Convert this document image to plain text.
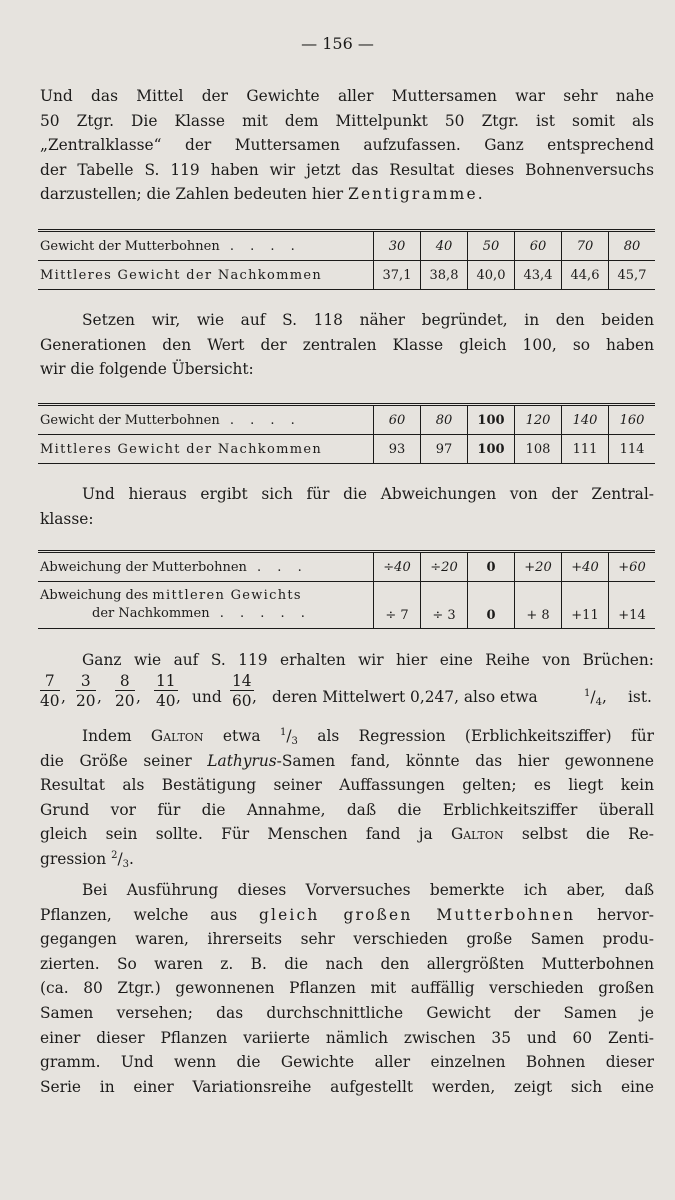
— 156 —
Und das Mittel der Gewichte aller Muttersamen war sehr nahe
50 Ztgr. Die Klasse mit dem Mittelpunkt 50 Ztgr. ist somit als
„Zentralklasse“ der Muttersamen aufzufassen. Ganz entsprechend
der Tabelle S. 119 haben wir jetzt das Resultat dieses Bohnenversuchs
darzustellen; die Zahlen bedeuten hier Zentigramme.
Gewicht der Mutterbohnen . . . .	30	40	50	60	70	80
Mittleres Gewicht der Nachkommen	37,1	38,8	40,0	43,4	44,6	45,7
Setzen wir, wie auf S. 118 näher begründet, in den beiden
Generationen den Wert der zentralen Klasse gleich 100, so haben
wir die folgende Übersicht:
Gewicht der Mutterbohnen . . . .	60	80	100	120	140	160
Mittleres Gewicht der Nachkommen	93	97	100	108	111	114
Und hieraus ergibt sich für die Abweichungen von der Zentral-
klasse:
Abweichung der Mutterbohnen . . .	÷40	÷20	0	+20	+40	+60

Abweichung des mittleren Gewichts
der Nachkommen . . . . .	÷ 7	÷ 3	0	+ 8	+11	+14
Ganz wie auf S. 119 erhalten wir hier eine Reihe von Brüchen:
$\frac{7}{40}$ , $\frac{3}{20}$ , $\frac{8}{20}$ , $\frac{11}{40}$
, und $\frac{14}{60}$
, deren Mittelwert 0,247, also etwa	$^1/_4$, ist.
Indem Galton etwa $^1/_3$ als Regression (Erblichkeitsziffer) für
die Größe seiner Lathyrus-Samen fand, könnte das hier gewonnene
Resultat als Bestätigung seiner Auffassungen gelten; es liegt kein
Grund vor für die Annahme, daß die Erblichkeitsziffer überall
gleich sein sollte. Für Menschen fand ja Galton selbst die Re-
gression $^2/_3$.
Bei Ausführung dieses Vorversuches bemerkte ich aber, daß
Pflanzen, welche aus gleich großen Mutterbohnen hervor-
gegangen waren, ihrerseits sehr verschieden große Samen produ-
zierten. So waren z. B. die nach den allergrößten Mutterbohnen
(ca. 80 Ztgr.) gewonnenen Pflanzen mit auffällig verschieden großen
Samen versehen; das durchschnittliche Gewicht der Samen je
einer dieser Pflanzen variierte nämlich zwischen 35 und 60 Zenti-
gramm. Und wenn die Gewichte aller einzelnen Bohnen dieser
Serie in einer Variationsreihe aufgestellt werden, zeigt sich eine
